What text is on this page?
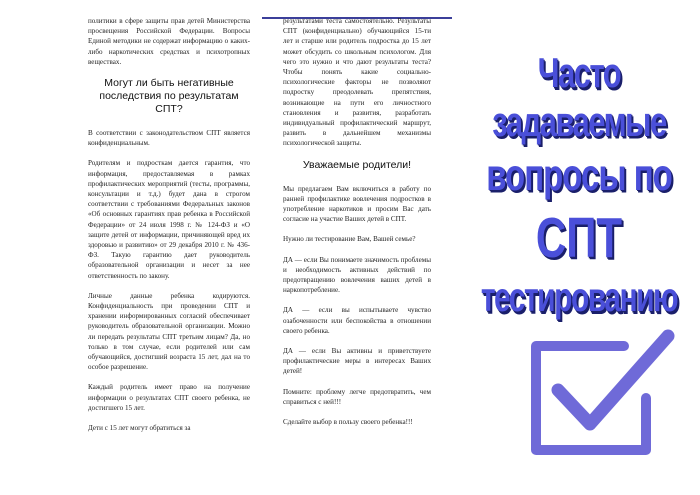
политики в сфере защиты прав детей Министерства просвещения Российской Федерации. Вопросы Единой методики не содержат информацию о каких-либо наркотических средствах и психотропных веществах.

Могут ли быть негативные последствия по результатам СПТ?

В соответствии с законодательством СПТ является конфиденциальным.

Родителям и подросткам дается гарантия, что информация, предоставляемая в рамках профилактических мероприятий (тесты, программы, консультации и т.д.) будет дана в строгом соответствии с требованиями Федеральных законов «Об основных гарантиях прав ребенка в Российской Федерации» от 24 июля 1998 г. № 124-ФЗ и «О защите детей от информации, причиняющей вред их здоровью и развитию» от 29 декабря 2010 г. № 436-ФЗ. Такую гарантию дает руководитель образовательной организации и несет за нее ответственность по закону.

Личные данные ребенка кодируются. Конфиденциальность при проведении СПТ и хранении информированных согласий обеспечивает руководитель образовательной организации. Можно ли передать результаты СПТ третьим лицам? Да, но только в том случае, если родителей или сам обучающийся, достигший возраста 15 лет, дал на то особое разрешение.

Каждый родитель имеет право на получение информации о результатах СПТ своего ребенка, не достигшего 15 лет.

Дети с 15 лет могут обратиться за

результатами теста самостоятельно. Результаты СПТ (конфиденциально) обучающийся 15-ти лет и старше или родитель подростка до 15 лет может обсудить со школьным психологом. Для чего это нужно и что дают результаты теста? Чтобы понять какие социально-психологические факторы не позволяют подростку преодолевать препятствия, возникающие на пути его личностного становления и развития, разработать индивидуальный профилактический маршрут, развить в дальнейшем механизмы психологической защиты.

Уважаемые родители!

Мы предлагаем Вам включиться в работу по ранней профилактике вовлечения подростков в употребление наркотиков и просим Вас дать согласие на участие Ваших детей в СПТ.

Нужно ли тестирование Вам, Вашей семье?

ДА — если Вы понимаете значимость проблемы и необходимость активных действий по предотвращению вовлечения ваших детей в наркопотребление.

ДА — если вы испытываете чувство озабоченности или беспокойства в отношении своего ребенка.

ДА — если Вы активны и приветствуете профилактические меры в интересах Ваших детей!

Помните: проблему легче предотвратить, чем справиться с ней!!!

Сделайте выбор в пользу своего ребенка!!!

Часто задаваемые
вопросы по
СПТ
тестированию
